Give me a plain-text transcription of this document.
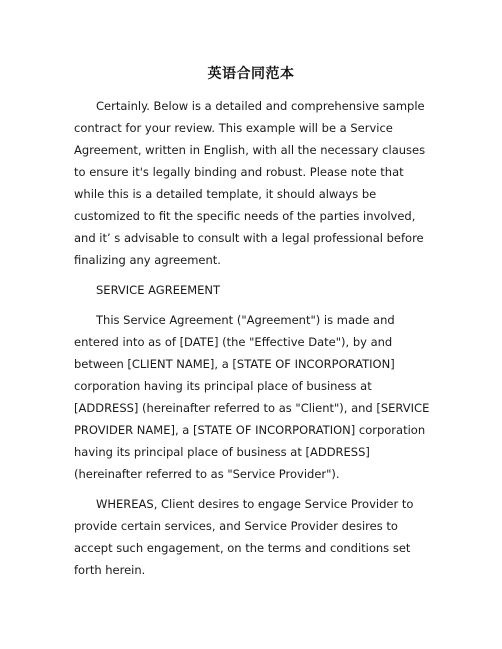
英语合同范本

Certainly. Below is a detailed and comprehensive sample contract for your review. This example will be a Service Agreement, written in English, with all the necessary clauses to ensure it's legally binding and robust. Please note that while this is a detailed template, it should always be customized to fit the specific needs of the parties involved, and it’ s advisable to consult with a legal professional before finalizing any agreement.

SERVICE AGREEMENT

This Service Agreement ("Agreement") is made and entered into as of [DATE] (the "Effective Date"), by and between [CLIENT NAME], a [STATE OF INCORPORATION] corporation having its principal place of business at [ADDRESS] (hereinafter referred to as "Client"), and [SERVICE PROVIDER NAME], a [STATE OF INCORPORATION] corporation having its principal place of business at [ADDRESS] (hereinafter referred to as "Service Provider").

WHEREAS, Client desires to engage Service Provider to provide certain services, and Service Provider desires to accept such engagement, on the terms and conditions set forth herein.
